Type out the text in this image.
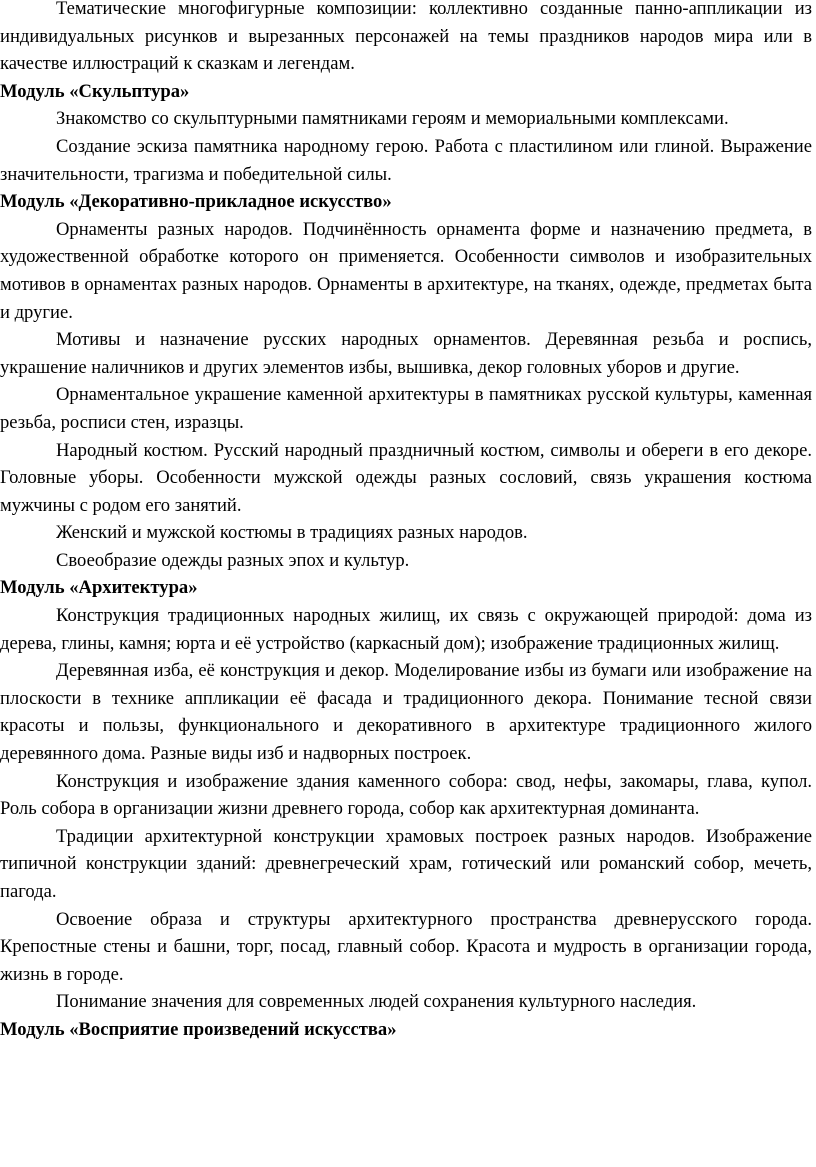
Тематические многофигурные композиции: коллективно созданные панно-аппликации из индивидуальных рисунков и вырезанных персонажей на темы праздников народов мира или в качестве иллюстраций к сказкам и легендам.

Модуль «Скульптура»

Знакомство со скульптурными памятниками героям и мемориальными комплексами.

Создание эскиза памятника народному герою. Работа с пластилином или глиной. Выражение значительности, трагизма и победительной силы.

Модуль «Декоративно-прикладное искусство»

Орнаменты разных народов. Подчинённость орнамента форме и назначению предмета, в художественной обработке которого он применяется. Особенности символов и изобразительных мотивов в орнаментах разных народов. Орнаменты в архитектуре, на тканях, одежде, предметах быта и другие.

Мотивы и назначение русских народных орнаментов. Деревянная резьба и роспись, украшение наличников и других элементов избы, вышивка, декор головных уборов и другие.

Орнаментальное украшение каменной архитектуры в памятниках русской культуры, каменная резьба, росписи стен, изразцы.

Народный костюм. Русский народный праздничный костюм, символы и обереги в его декоре. Головные уборы. Особенности мужской одежды разных сословий, связь украшения костюма мужчины с родом его занятий.

Женский и мужской костюмы в традициях разных народов.

Своеобразие одежды разных эпох и культур.

Модуль «Архитектура»

Конструкция традиционных народных жилищ, их связь с окружающей природой: дома из дерева, глины, камня; юрта и её устройство (каркасный дом); изображение традиционных жилищ.

Деревянная изба, её конструкция и декор. Моделирование избы из бумаги или изображение на плоскости в технике аппликации её фасада и традиционного декора. Понимание тесной связи красоты и пользы, функционального и декоративного в архитектуре традиционного жилого деревянного дома. Разные виды изб и надворных построек.

Конструкция и изображение здания каменного собора: свод, нефы, закомары, глава, купол. Роль собора в организации жизни древнего города, собор как архитектурная доминанта.

Традиции архитектурной конструкции храмовых построек разных народов. Изображение типичной конструкции зданий: древнегреческий храм, готический или романский собор, мечеть, пагода.

Освоение образа и структуры архитектурного пространства древнерусского города. Крепостные стены и башни, торг, посад, главный собор. Красота и мудрость в организации города, жизнь в городе.

Понимание значения для современных людей сохранения культурного наследия.

Модуль «Восприятие произведений искусства»
